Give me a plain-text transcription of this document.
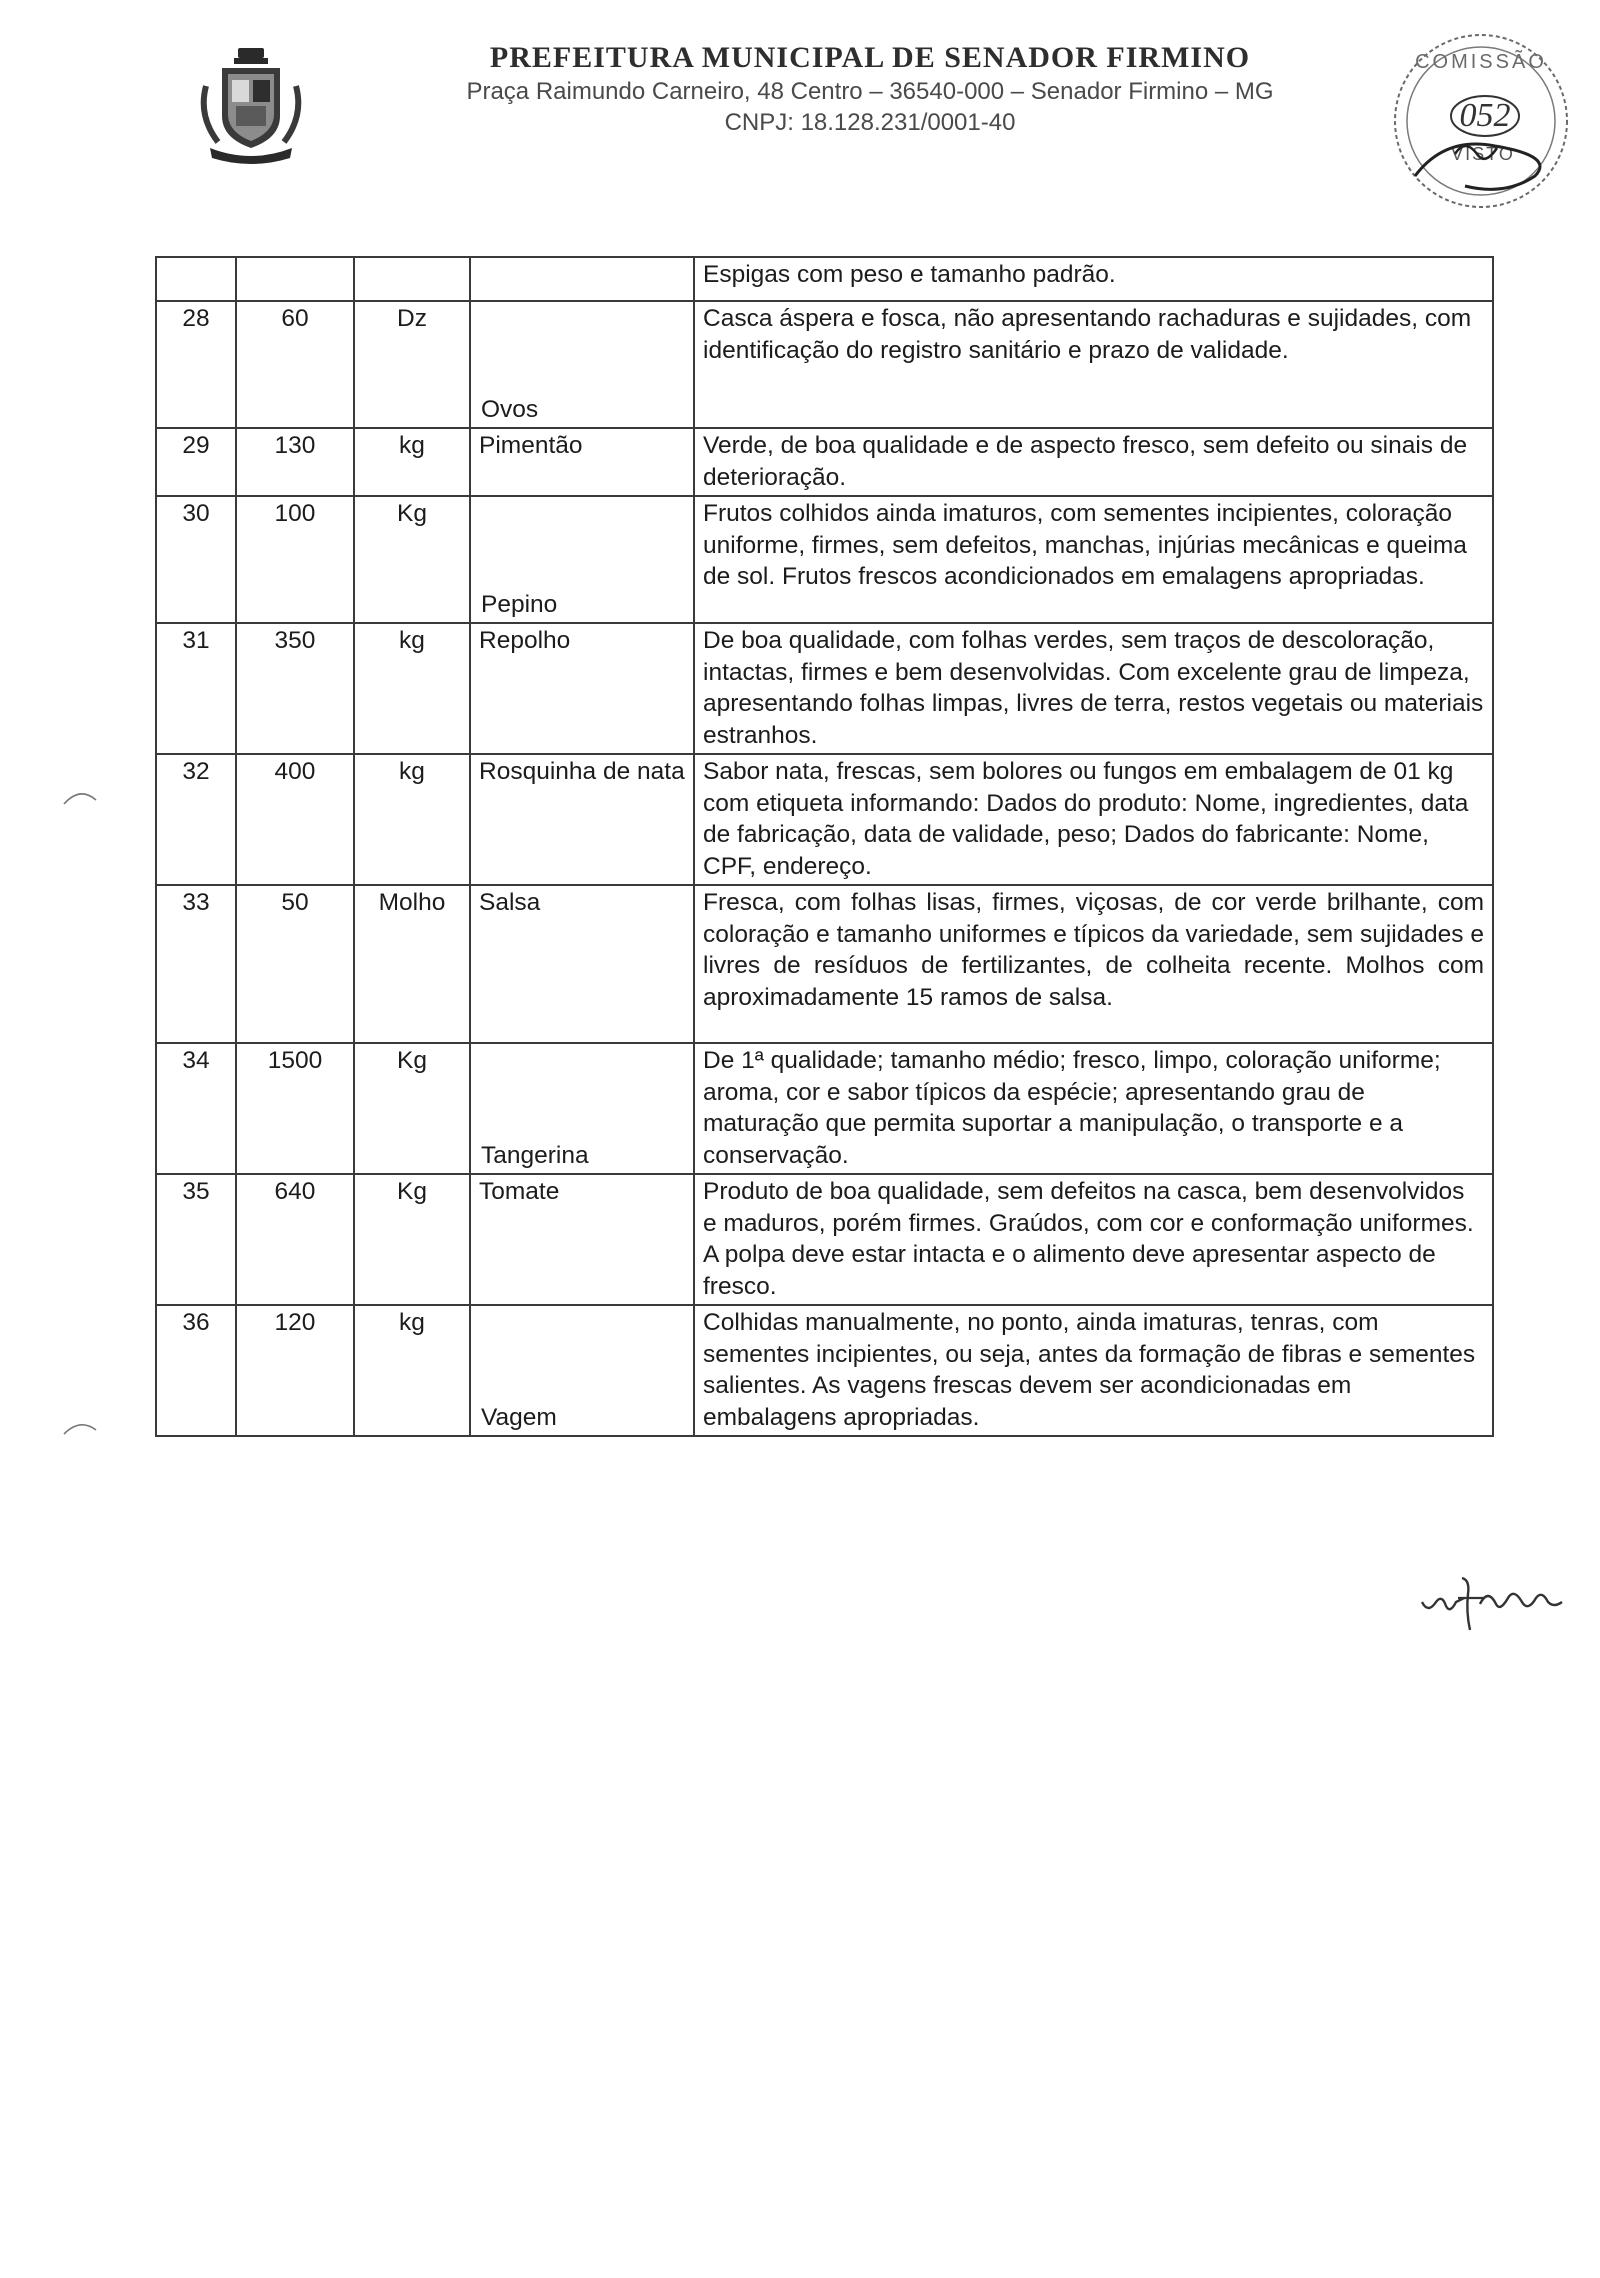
PREFEITURA MUNICIPAL DE SENADOR FIRMINO
Praça Raimundo Carneiro, 48 Centro – 36540-000 – Senador Firmino – MG
CNPJ: 18.128.231/0001-40
COMISSÃO
052
VISTO
				Espigas com peso e tamanho padrão.
28	60	Dz	Ovos	Casca áspera e fosca, não apresentando rachaduras e sujidades, com identificação do registro sanitário e prazo de validade.
29	130	kg	Pimentão	Verde, de boa qualidade e de aspecto fresco, sem defeito ou sinais de deterioração.
30	100	Kg	Pepino	Frutos colhidos ainda imaturos, com sementes incipientes, coloração uniforme, firmes, sem defeitos, manchas, injúrias mecânicas e queima de sol. Frutos frescos acondicionados em emalagens apropriadas.
31	350	kg	Repolho	De boa qualidade, com folhas verdes, sem traços de descoloração, intactas, firmes e bem desenvolvidas. Com excelente grau de limpeza, apresentando folhas limpas, livres de terra, restos vegetais ou materiais estranhos.
32	400	kg	Rosquinha de nata	Sabor nata, frescas, sem bolores ou fungos em embalagem de 01 kg com etiqueta informando: Dados do produto: Nome, ingredientes, data de fabricação, data de validade, peso; Dados do fabricante: Nome, CPF, endereço.
33	50	Molho	Salsa	Fresca, com folhas lisas, firmes, viçosas, de cor verde brilhante, com coloração e tamanho uniformes e típicos da variedade, sem sujidades e livres de resíduos de fertilizantes, de colheita recente. Molhos com aproximadamente 15 ramos de salsa.
34	1500	Kg	Tangerina	De 1ª qualidade; tamanho médio; fresco, limpo, coloração uniforme; aroma, cor e sabor típicos da espécie; apresentando grau de maturação que permita suportar a manipulação, o transporte e a conservação.
35	640	Kg	Tomate	Produto de boa qualidade, sem defeitos na casca, bem desenvolvidos e maduros, porém firmes. Graúdos, com cor e conformação uniformes. A polpa deve estar intacta e o alimento deve apresentar aspecto de fresco.
36	120	kg	Vagem	Colhidas manualmente, no ponto, ainda imaturas, tenras, com sementes incipientes, ou seja, antes da formação de fibras e sementes salientes. As vagens frescas devem ser acondicionadas em embalagens apropriadas.
